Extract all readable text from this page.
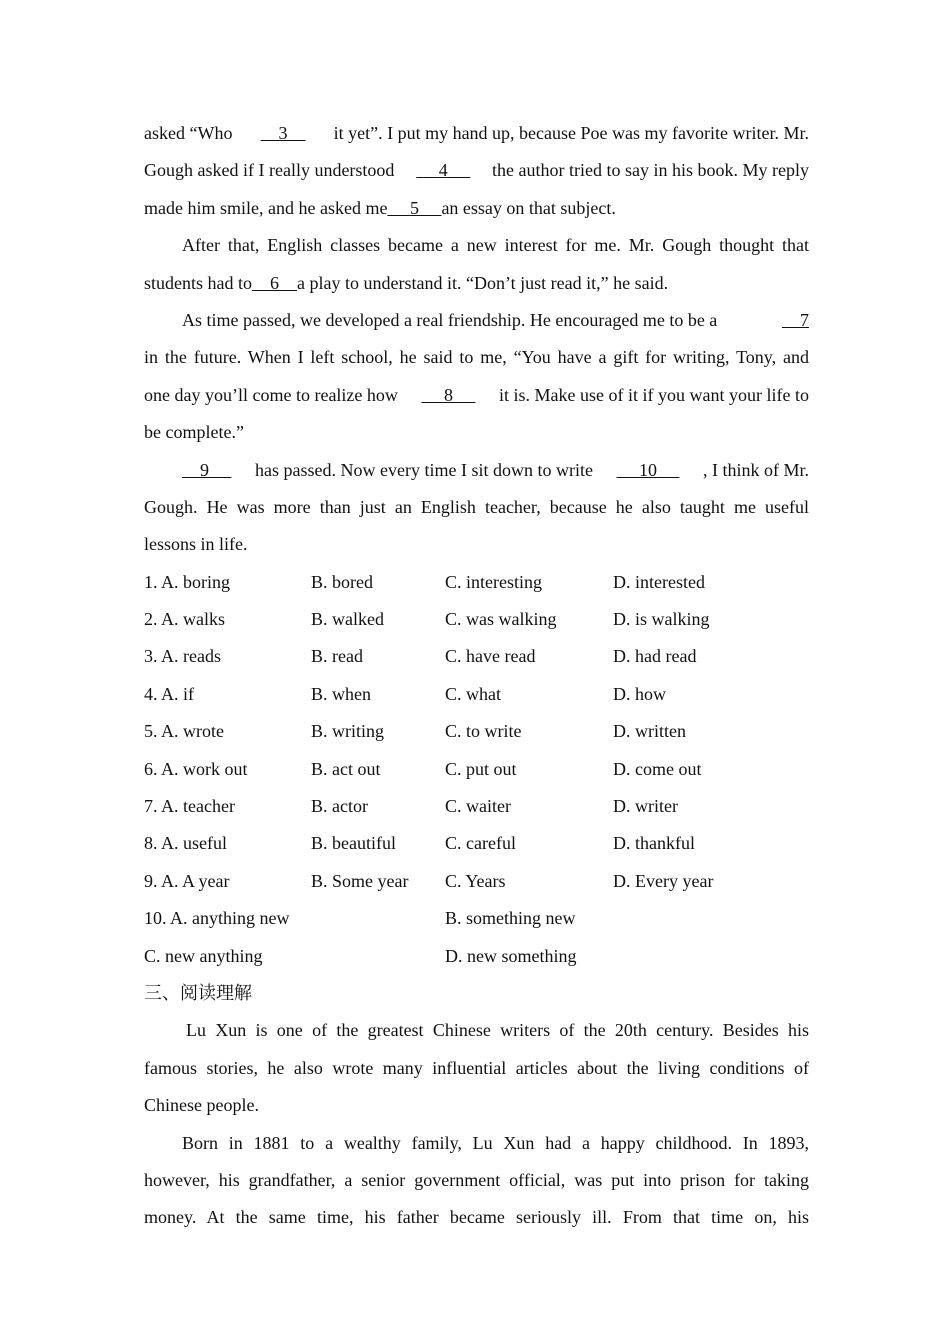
asked “Who	3	it yet”. I put my hand up, because Poe was my favorite writer. Mr.
Gough asked if I really understood	4	the author tried to say in his book. My reply
made him smile, and he asked me	5	an essay on that subject.
After that, English classes became a new interest for me. Mr. Gough thought that
students had to	6	a play to understand it. “Don’t just read it,” he said.
As time passed, we developed a real friendship. He encouraged me to be a	7
in the future. When I left school, he said to me, “You have a gift for writing, Tony, and
one day you’ll come to realize how	8	it is. Make use of it if you want your life to
be complete.”
9	has passed. Now every time I sit down to write	10	, I think of Mr.
Gough. He was more than just an English teacher, because he also taught me useful
lessons in life.
1. A. boring	B. bored	C. interesting	D. interested
2. A. walks	B. walked	C. was walking	D. is walking
3. A. reads	B. read	C. have read	D. had read
4. A. if	B. when	C. what	D. how
5. A. wrote	B. writing	C. to write	D. written
6. A. work out	B. act out	C. put out	D. come out
7. A. teacher	B. actor	C. waiter	D. writer
8. A. useful	B. beautiful	C. careful	D. thankful
9. A. A year	B. Some year	C. Years	D. Every year
10. A. anything new	B. something new
C. new anything	D. new something
三、阅读理解
Lu Xun is one of the greatest Chinese writers of the 20th century. Besides his
famous stories, he also wrote many influential articles about the living conditions of
Chinese people.
Born in 1881 to a wealthy family, Lu Xun had a happy childhood. In 1893,
however, his grandfather, a senior government official, was put into prison for taking
money. At the same time, his father became seriously ill. From that time on, his
